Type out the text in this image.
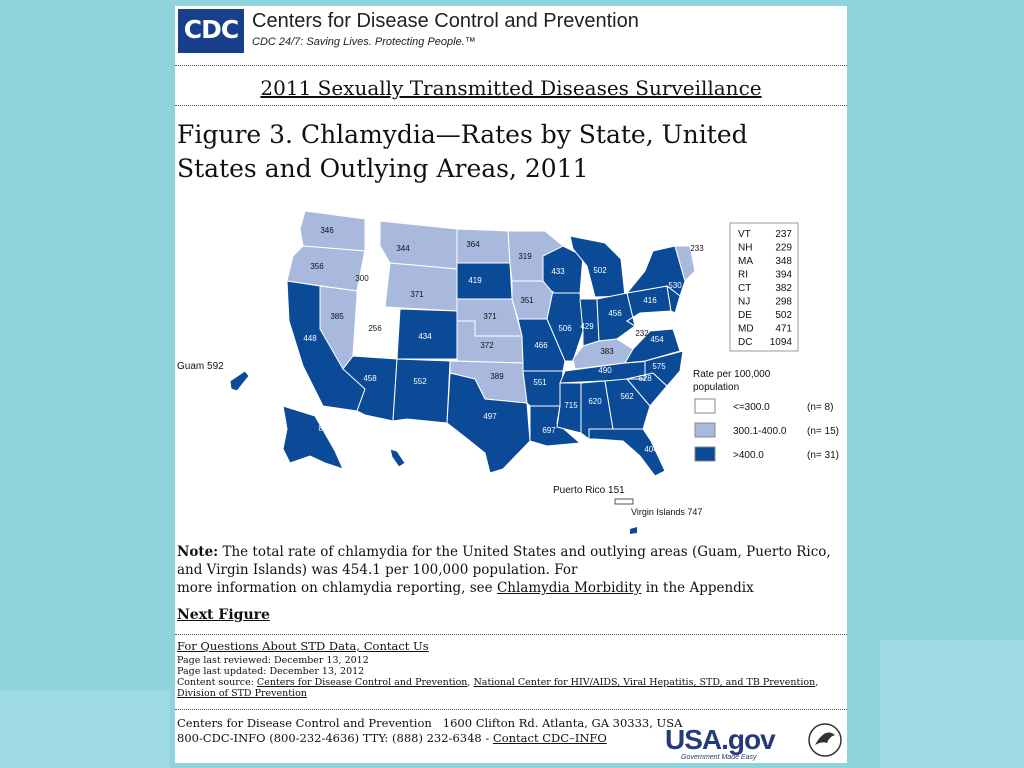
CDC Centers for Disease Control and Prevention
CDC 24/7: Saving Lives. Protecting People.™
2011 Sexually Transmitted Diseases Surveillance
Figure 3. Chlamydia—Rates by State, United
States and Outlying Areas, 2011
Guam 592
Puerto Rico 151
Virgin Islands 747
VT 237
NH 229
MA 348
RI	394
CT 382
NJ	298
DE 502
MD 471
DC 1094
346
356
448
300
385
344
371
256
458
434
552
364
419
371
372
389
497
319
351
466
551
697
433
506
502
429
456
383
490
715 620
562
404
628
575
454
232
416
530
233
808
441
Rate per 100,000
population
<=300.0	(n= 8)
300.1-400.0 (n= 15)
>400.0	(n= 31)
Note: The total rate of chlamydia for the United States and outlying areas (Guam, Puerto Rico, and Virgin Islands) was 454.1 per 100,000 population. For
more information on chlamydia reporting, see Chlamydia Morbidity in the Appendix
Next Figure
For Questions About STD Data, Contact Us
Page last reviewed: December 13, 2012
Page last updated: December 13, 2012
Content source: Centers for Disease Control and Prevention, National Center for HIV/AIDS, Viral Hepatitis, STD, and TB Prevention, Division of STD Prevention
Centers for Disease Control and Prevention   1600 Clifton Rd. Atlanta, GA 30333, USA
800-CDC-INFO (800-232-4636) TTY: (888) 232-6348 - Contact CDC–INFO USA.gov
Government Made Easy
